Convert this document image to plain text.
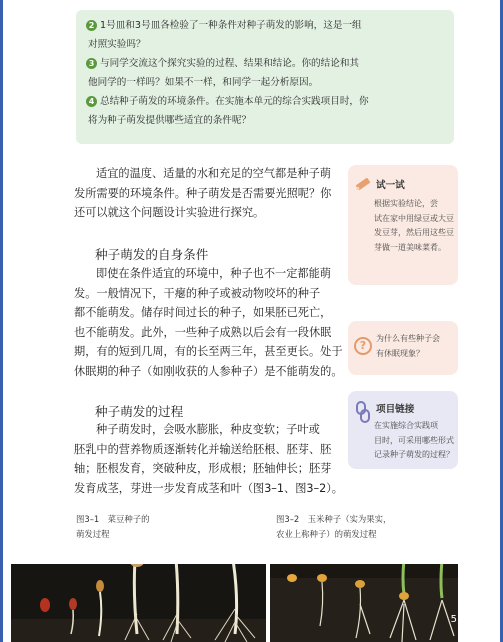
2 1号皿和3号皿各检验了一种条件对种子萌发的影响，这是一组

对照实验吗？

3 与同学交流这个探究实验的过程、结果和结论。你的结论和其

他同学的一样吗？如果不一样，和同学一起分析原因。

4 总结种子萌发的环境条件。在实施本单元的综合实践项目时，你

将为种子萌发提供哪些适宜的条件呢？

适宜的温度、适量的水和充足的空气都是种子萌

发所需要的环境条件。种子萌发是否需要光照呢？你

还可以就这个问题设计实验进行探究。

种子萌发的自身条件

即使在条件适宜的环境中，种子也不一定都能萌

发。一般情况下，干瘪的种子或被动物咬坏的种子

都不能萌发。储存时间过长的种子，如果胚已死亡，

也不能萌发。此外，一些种子成熟以后会有一段休眠

期，有的短到几周，有的长至两三年，甚至更长。处于

休眠期的种子（如刚收获的人参种子）是不能萌发的。

种子萌发的过程

种子萌发时，会吸水膨胀，种皮变软；子叶或

胚乳中的营养物质逐渐转化并输送给胚根、胚芽、胚

轴；胚根发育，突破种皮，形成根；胚轴伸长；胚芽

发育成茎，芽进一步发育成茎和叶（图3–1、图3–2）。

试一试
根据实验结论，尝
试在家中用绿豆或大豆
发豆芽，然后用这些豆
芽做一道美味菜肴。
?
为什么有些种子会
有休眠现象？
项目链接
在实施综合实践项
目时，可采用哪些形式
记录种子萌发的过程？
图3–1　菜豆种子的
萌发过程
图3–2　玉米种子（实为果实，
农业上称种子）的萌发过程
5
